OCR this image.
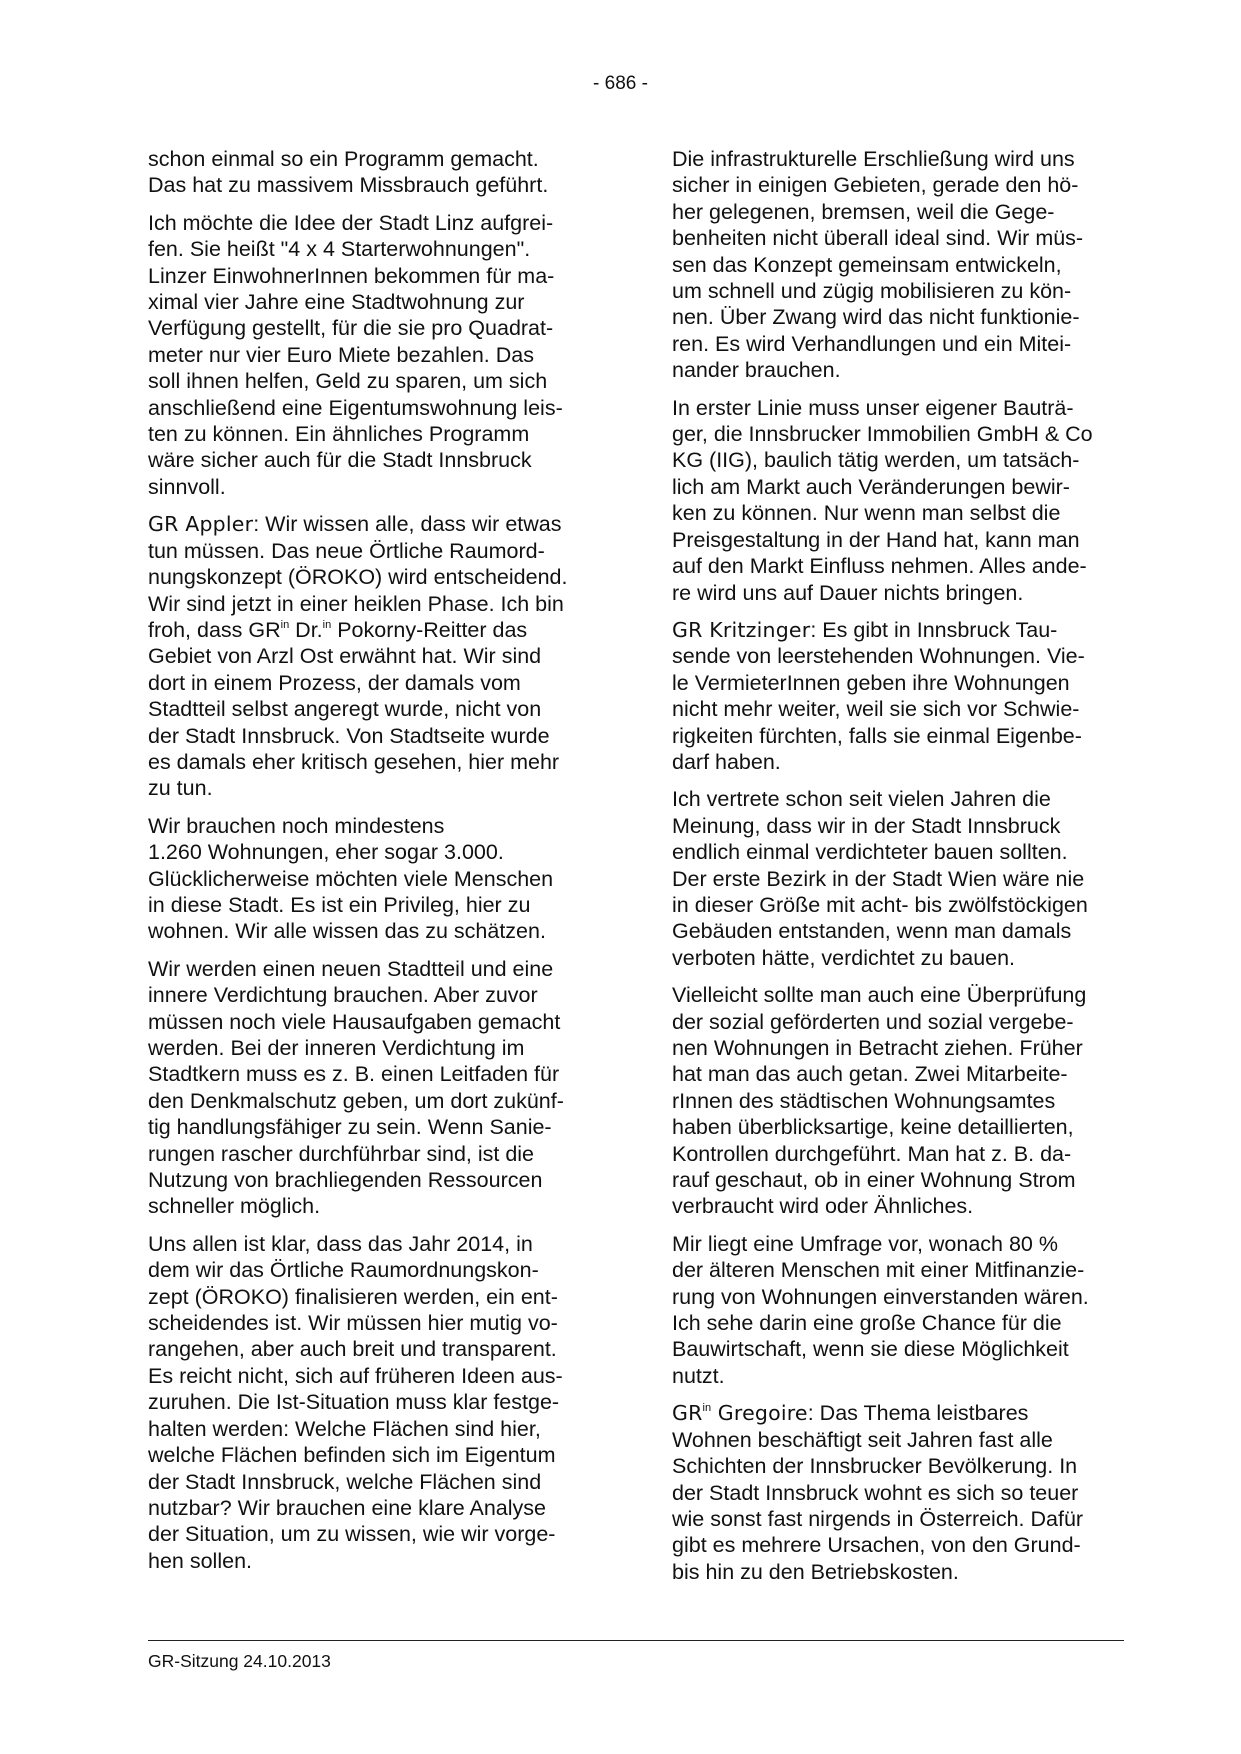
- 686 -

schon einmal so ein Programm gemacht.
Das hat zu massivem Missbrauch geführt.

Ich möchte die Idee der Stadt Linz aufgrei-
fen. Sie heißt "4 x 4 Starterwohnungen".
Linzer EinwohnerInnen bekommen für ma-
ximal vier Jahre eine Stadtwohnung zur
Verfügung gestellt, für die sie pro Quadrat-
meter nur vier Euro Miete bezahlen. Das
soll ihnen helfen, Geld zu sparen, um sich
anschließend eine Eigentumswohnung leis-
ten zu können. Ein ähnliches Programm
wäre sicher auch für die Stadt Innsbruck
sinnvoll.

GR Appler: Wir wissen alle, dass wir etwas
tun müssen. Das neue Örtliche Raumord-
nungskonzept (ÖROKO) wird entscheidend.
Wir sind jetzt in einer heiklen Phase. Ich bin
froh, dass $GR^{in}$ Dr.$^{in}$ Pokorny-Reitter das
Gebiet von Arzl Ost erwähnt hat. Wir sind
dort in einem Prozess, der damals vom
Stadtteil selbst angeregt wurde, nicht von
der Stadt Innsbruck. Von Stadtseite wurde
es damals eher kritisch gesehen, hier mehr
zu tun.

Wir brauchen noch mindestens
1.260 Wohnungen, eher sogar 3.000.
Glücklicherweise möchten viele Menschen
in diese Stadt. Es ist ein Privileg, hier zu
wohnen. Wir alle wissen das zu schätzen.

Wir werden einen neuen Stadtteil und eine
innere Verdichtung brauchen. Aber zuvor
müssen noch viele Hausaufgaben gemacht
werden. Bei der inneren Verdichtung im
Stadtkern muss es z. B. einen Leitfaden für
den Denkmalschutz geben, um dort zukünf-
tig handlungsfähiger zu sein. Wenn Sanie-
rungen rascher durchführbar sind, ist die
Nutzung von brachliegenden Ressourcen
schneller möglich.

Uns allen ist klar, dass das Jahr 2014, in
dem wir das Örtliche Raumordnungskon-
zept (ÖROKO) finalisieren werden, ein ent-
scheidendes ist. Wir müssen hier mutig vo-
rangehen, aber auch breit und transparent.
Es reicht nicht, sich auf früheren Ideen aus-
zuruhen. Die Ist-Situation muss klar festge-
halten werden: Welche Flächen sind hier,
welche Flächen befinden sich im Eigentum
der Stadt Innsbruck, welche Flächen sind
nutzbar? Wir brauchen eine klare Analyse
der Situation, um zu wissen, wie wir vorge-
hen sollen.

Die infrastrukturelle Erschließung wird uns
sicher in einigen Gebieten, gerade den hö-
her gelegenen, bremsen, weil die Gege-
benheiten nicht überall ideal sind. Wir müs-
sen das Konzept gemeinsam entwickeln,
um schnell und zügig mobilisieren zu kön-
nen. Über Zwang wird das nicht funktionie-
ren. Es wird Verhandlungen und ein Mitei-
nander brauchen.

In erster Linie muss unser eigener Bauträ-
ger, die Innsbrucker Immobilien GmbH & Co
KG (IIG), baulich tätig werden, um tatsäch-
lich am Markt auch Veränderungen bewir-
ken zu können. Nur wenn man selbst die
Preisgestaltung in der Hand hat, kann man
auf den Markt Einfluss nehmen. Alles ande-
re wird uns auf Dauer nichts bringen.

GR Kritzinger: Es gibt in Innsbruck Tau-
sende von leerstehenden Wohnungen. Vie-
le VermieterInnen geben ihre Wohnungen
nicht mehr weiter, weil sie sich vor Schwie-
rigkeiten fürchten, falls sie einmal Eigenbe-
darf haben.

Ich vertrete schon seit vielen Jahren die
Meinung, dass wir in der Stadt Innsbruck
endlich einmal verdichteter bauen sollten.
Der erste Bezirk in der Stadt Wien wäre nie
in dieser Größe mit acht- bis zwölfstöckigen
Gebäuden entstanden, wenn man damals
verboten hätte, verdichtet zu bauen.

Vielleicht sollte man auch eine Überprüfung
der sozial geförderten und sozial vergebe-
nen Wohnungen in Betracht ziehen. Früher
hat man das auch getan. Zwei Mitarbeite-
rInnen des städtischen Wohnungsamtes
haben überblicksartige, keine detaillierten,
Kontrollen durchgeführt. Man hat z. B. da-
rauf geschaut, ob in einer Wohnung Strom
verbraucht wird oder Ähnliches.

Mir liegt eine Umfrage vor, wonach 80 %
der älteren Menschen mit einer Mitfinanzie-
rung von Wohnungen einverstanden wären.
Ich sehe darin eine große Chance für die
Bauwirtschaft, wenn sie diese Möglichkeit
nutzt.

$GR^{in}$ Gregoire: Das Thema leistbares
Wohnen beschäftigt seit Jahren fast alle
Schichten der Innsbrucker Bevölkerung. In
der Stadt Innsbruck wohnt es sich so teuer
wie sonst fast nirgends in Österreich. Dafür
gibt es mehrere Ursachen, von den Grund-
bis hin zu den Betriebskosten.

GR-Sitzung 24.10.2013
